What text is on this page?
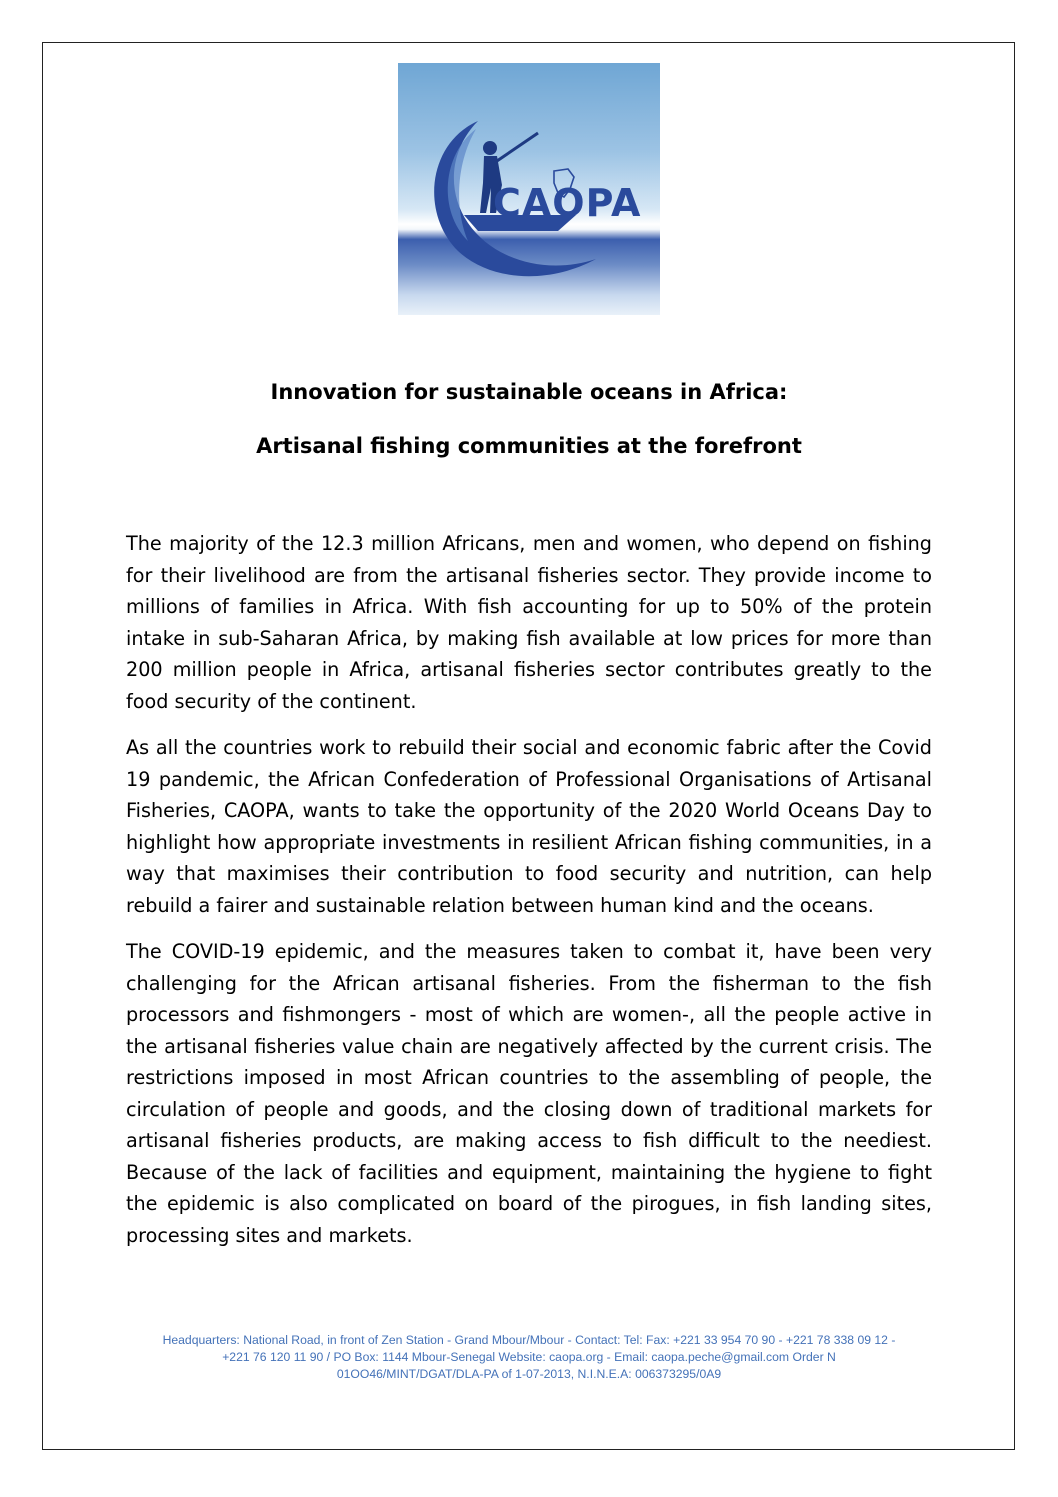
CAOPA
Innovation for sustainable oceans in Africa:
Artisanal fishing communities at the forefront

The majority of the 12.3 million Africans, men and women, who depend on fishing for their livelihood are from the artisanal fisheries sector. They provide income to millions of families in Africa. With fish accounting for up to 50% of the protein intake in sub-Saharan Africa, by making fish available at low prices for more than 200 million people in Africa, artisanal fisheries sector contributes greatly to the food security of the continent.

As all the countries work to rebuild their social and economic fabric after the Covid 19 pandemic, the African Confederation of Professional Organisations of Artisanal Fisheries, CAOPA, wants to take the opportunity of the 2020 World Oceans Day to highlight how appropriate investments in resilient African fishing communities, in a way that maximises their contribution to food security and nutrition, can help rebuild a fairer and sustainable relation between human kind and the oceans.

The COVID-19 epidemic, and the measures taken to combat it, have been very challenging for the African artisanal fisheries. From the fisherman to the fish processors and fishmongers - most of which are women-, all the people active in the artisanal fisheries value chain are negatively affected by the current crisis. The restrictions imposed in most African countries to the assembling of people, the circulation of people and goods, and the closing down of traditional markets for artisanal fisheries products, are making access to fish difficult to the neediest. Because of the lack of facilities and equipment, maintaining the hygiene to fight the epidemic is also complicated on board of the pirogues, in fish landing sites, processing sites and markets.

Headquarters: National Road, in front of Zen Station - Grand Mbour/Mbour - Contact: Tel: Fax: +221 33 954 70 90 - +221 78 338 09 12 -
+221 76 120 11 90 / PO Box: 1144 Mbour-Senegal Website: caopa.org - Email: caopa.peche@gmail.com Order N
01OO46/MINT/DGAT/DLA-PA of 1-07-2013, N.I.N.E.A: 006373295/0A9
